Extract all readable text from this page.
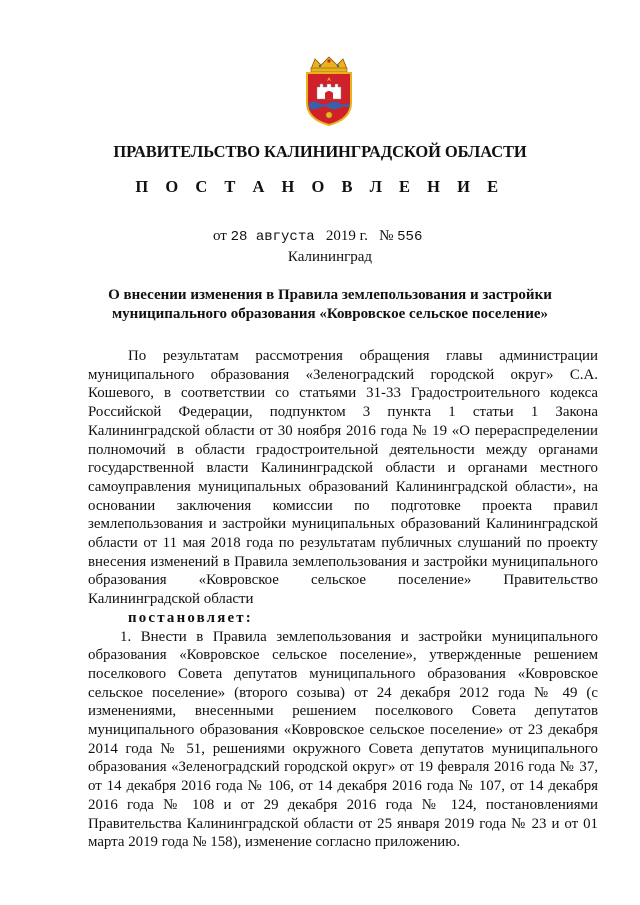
ПРАВИТЕЛЬСТВО КАЛИНИНГРАДСКОЙ ОБЛАСТИ
П О С Т А Н О В Л Е Н И Е
от 28 августа 2019 г. № 556
Калининград
О внесении изменения в Правила землепользования и застройки
муниципального образования «Ковровское сельское поселение»

По результатам рассмотрения обращения главы администрации муниципального образования «Зеленоградский городской округ» С.А. Кошевого, в соответствии со статьями 31-33 Градостроительного кодекса Российской Федерации, подпунктом 3 пункта 1 статьи 1 Закона Калининградской области от 30 ноября 2016 года № 19 «О перераспределении полномочий в области градостроительной деятельности между органами государственной власти Калининградской области и органами местного самоуправления муниципальных образований Калининградской области», на основании заключения комиссии по подготовке проекта правил землепользования и застройки муниципальных образований Калининградской области от 11 мая 2018 года по результатам публичных слушаний по проекту внесения изменений в Правила землепользования и застройки муниципального образования «Ковровское сельское поселение» Правительство Калининградской области
постановляет:

1. Внести в Правила землепользования и застройки муниципального образования «Ковровское сельское поселение», утвержденные решением поселкового Совета депутатов муниципального образования «Ковровское сельское поселение» (второго созыва) от 24 декабря 2012 года № 49 (с изменениями, внесенными решением поселкового Совета депутатов муниципального образования «Ковровское сельское поселение» от 23 декабря 2014 года № 51, решениями окружного Совета депутатов муниципального образования «Зеленоградский городской округ» от 19 февраля 2016 года № 37, от 14 декабря 2016 года № 106, от 14 декабря 2016 года № 107, от 14 декабря 2016 года № 108 и от 29 декабря 2016 года № 124, постановлениями Правительства Калининградской области от 25 января 2019 года № 23 и от 01 марта 2019 года № 158), изменение согласно приложению.
